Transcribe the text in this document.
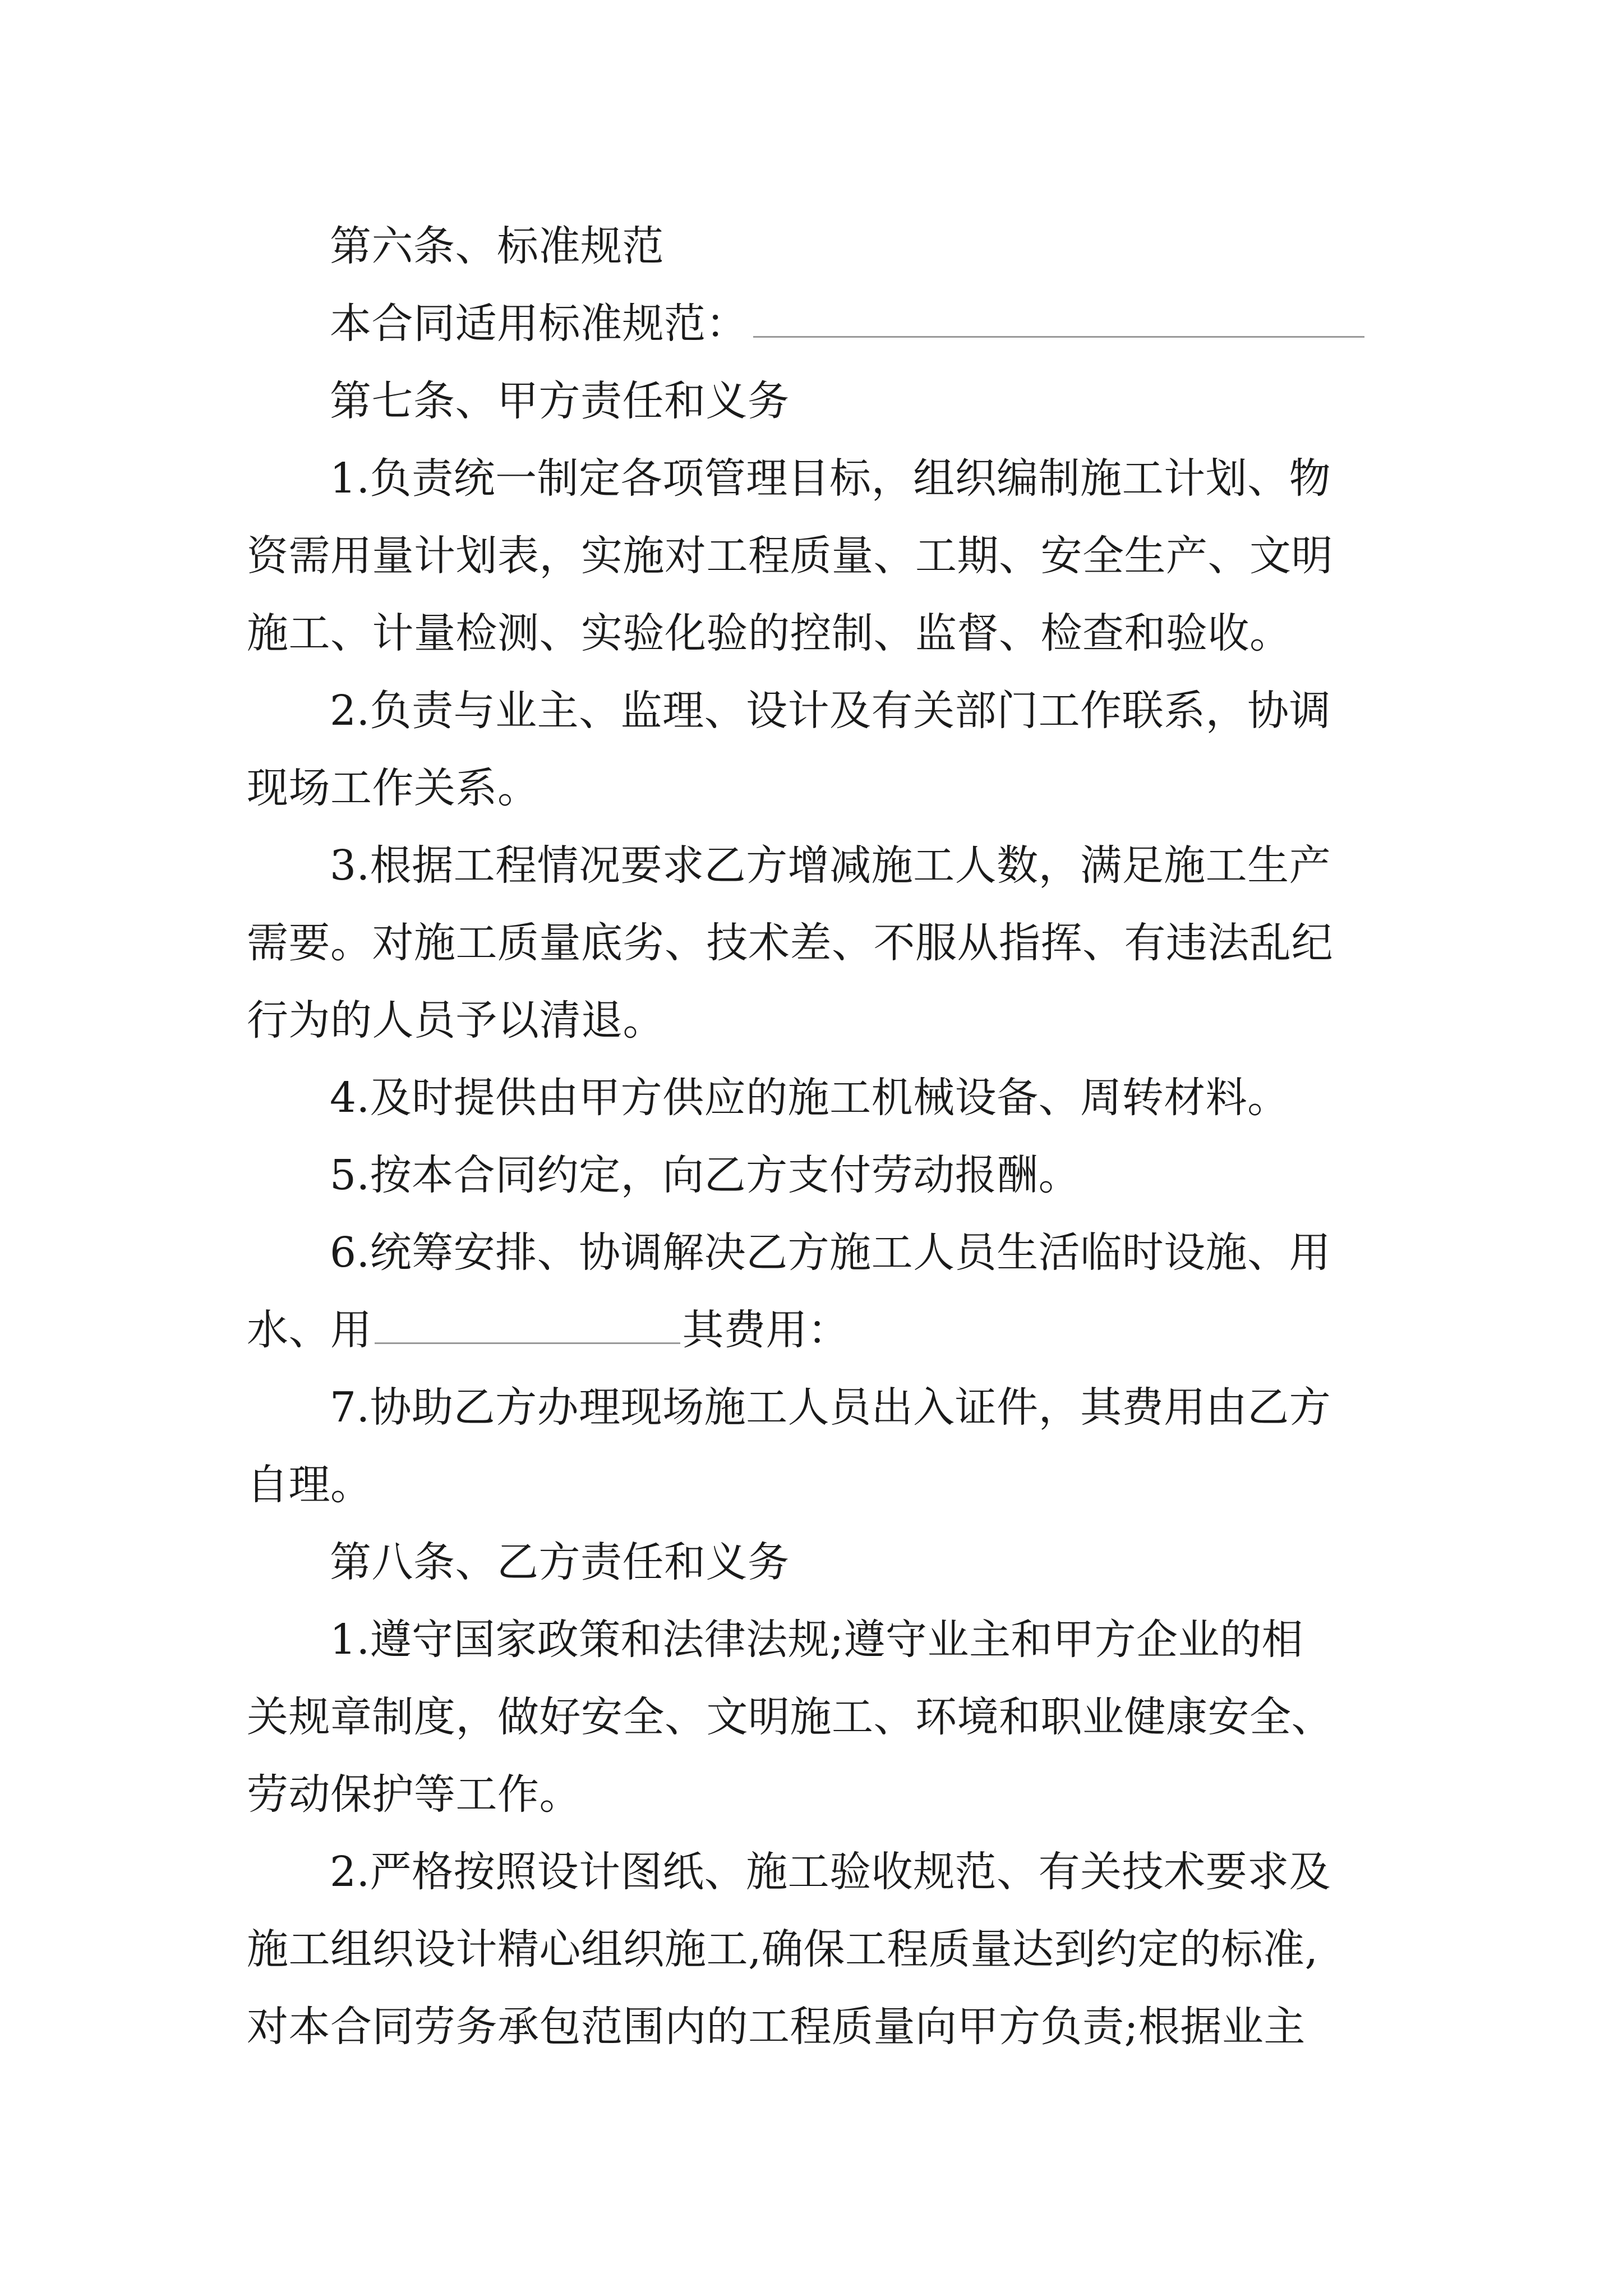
第六条、标准规范
本合同适用标准规范：
第七条、甲方责任和义务
1.负责统一制定各项管理目标，组织编制施工计划、物
资需用量计划表，实施对工程质量、工期、安全生产、文明
施工、计量检测、实验化验的控制、监督、检查和验收。
2.负责与业主、监理、设计及有关部门工作联系，协调
现场工作关系。
3.根据工程情况要求乙方增减施工人数，满足施工生产
需要。对施工质量底劣、技术差、不服从指挥、有违法乱纪
行为的人员予以清退。
4.及时提供由甲方供应的施工机械设备、周转材料。
5.按本合同约定，向乙方支付劳动报酬。
6.统筹安排、协调解决乙方施工人员生活临时设施、用
水、用	其费用：
7.协助乙方办理现场施工人员出入证件，其费用由乙方
自理。
第八条、乙方责任和义务
1.遵守国家政策和法律法规;遵守业主和甲方企业的相
关规章制度，做好安全、文明施工、环境和职业健康安全、
劳动保护等工作。
2.严格按照设计图纸、施工验收规范、有关技术要求及
施工组织设计精心组织施工,确保工程质量达到约定的标准,
对本合同劳务承包范围内的工程质量向甲方负责;根据业主
